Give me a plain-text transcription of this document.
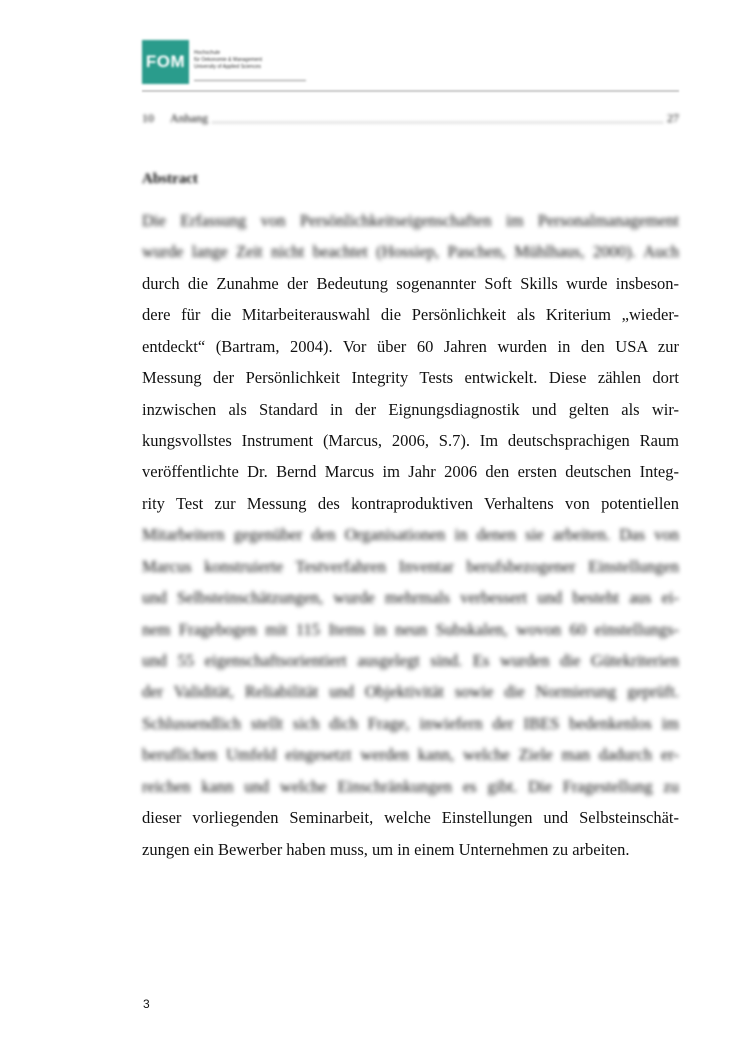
FOM	Hochschule
für Oekonomie & Management
University of Applied Sciences
10	Anhang	27
Abstract
Die Erfassung von Persönlichkeitseigenschaften im Personalmanagement
wurde lange Zeit nicht beachtet (Hossiep, Paschen, Mühlhaus, 2000). Auch
durch die Zunahme der Bedeutung sogenannter Soft Skills wurde insbeson-
dere für die Mitarbeiterauswahl die Persönlichkeit als Kriterium „wieder-
entdeckt“ (Bartram, 2004). Vor über 60 Jahren wurden in den USA zur
Messung der Persönlichkeit Integrity Tests entwickelt. Diese zählen dort
inzwischen als Standard in der Eignungsdiagnostik und gelten als wir-
kungsvollstes Instrument (Marcus, 2006, S.7). Im deutschsprachigen Raum
veröffentlichte Dr. Bernd Marcus im Jahr 2006 den ersten deutschen Integ-
rity Test zur Messung des kontraproduktiven Verhaltens von potentiellen
Mitarbeitern gegenüber den Organisationen in denen sie arbeiten. Das von
Marcus konstruierte Testverfahren Inventar berufsbezogener Einstellungen
und Selbsteinschätzungen, wurde mehrmals verbessert und besteht aus ei-
nem Fragebogen mit 115 Items in neun Subskalen, wovon 60 einstellungs-
und 55 eigenschaftsorientiert ausgelegt sind. Es wurden die Gütekriterien
der Validität, Reliabilität und Objektivität sowie die Normierung geprüft.
Schlussendlich stellt sich dich Frage, inwiefern der IBES bedenkenlos im
beruflichen Umfeld eingesetzt werden kann, welche Ziele man dadurch er-
reichen kann und welche Einschränkungen es gibt. Die Fragestellung zu
dieser vorliegenden Seminarbeit, welche Einstellungen und Selbsteinschät-
zungen ein Bewerber haben muss, um in einem Unternehmen zu arbeiten.
3
